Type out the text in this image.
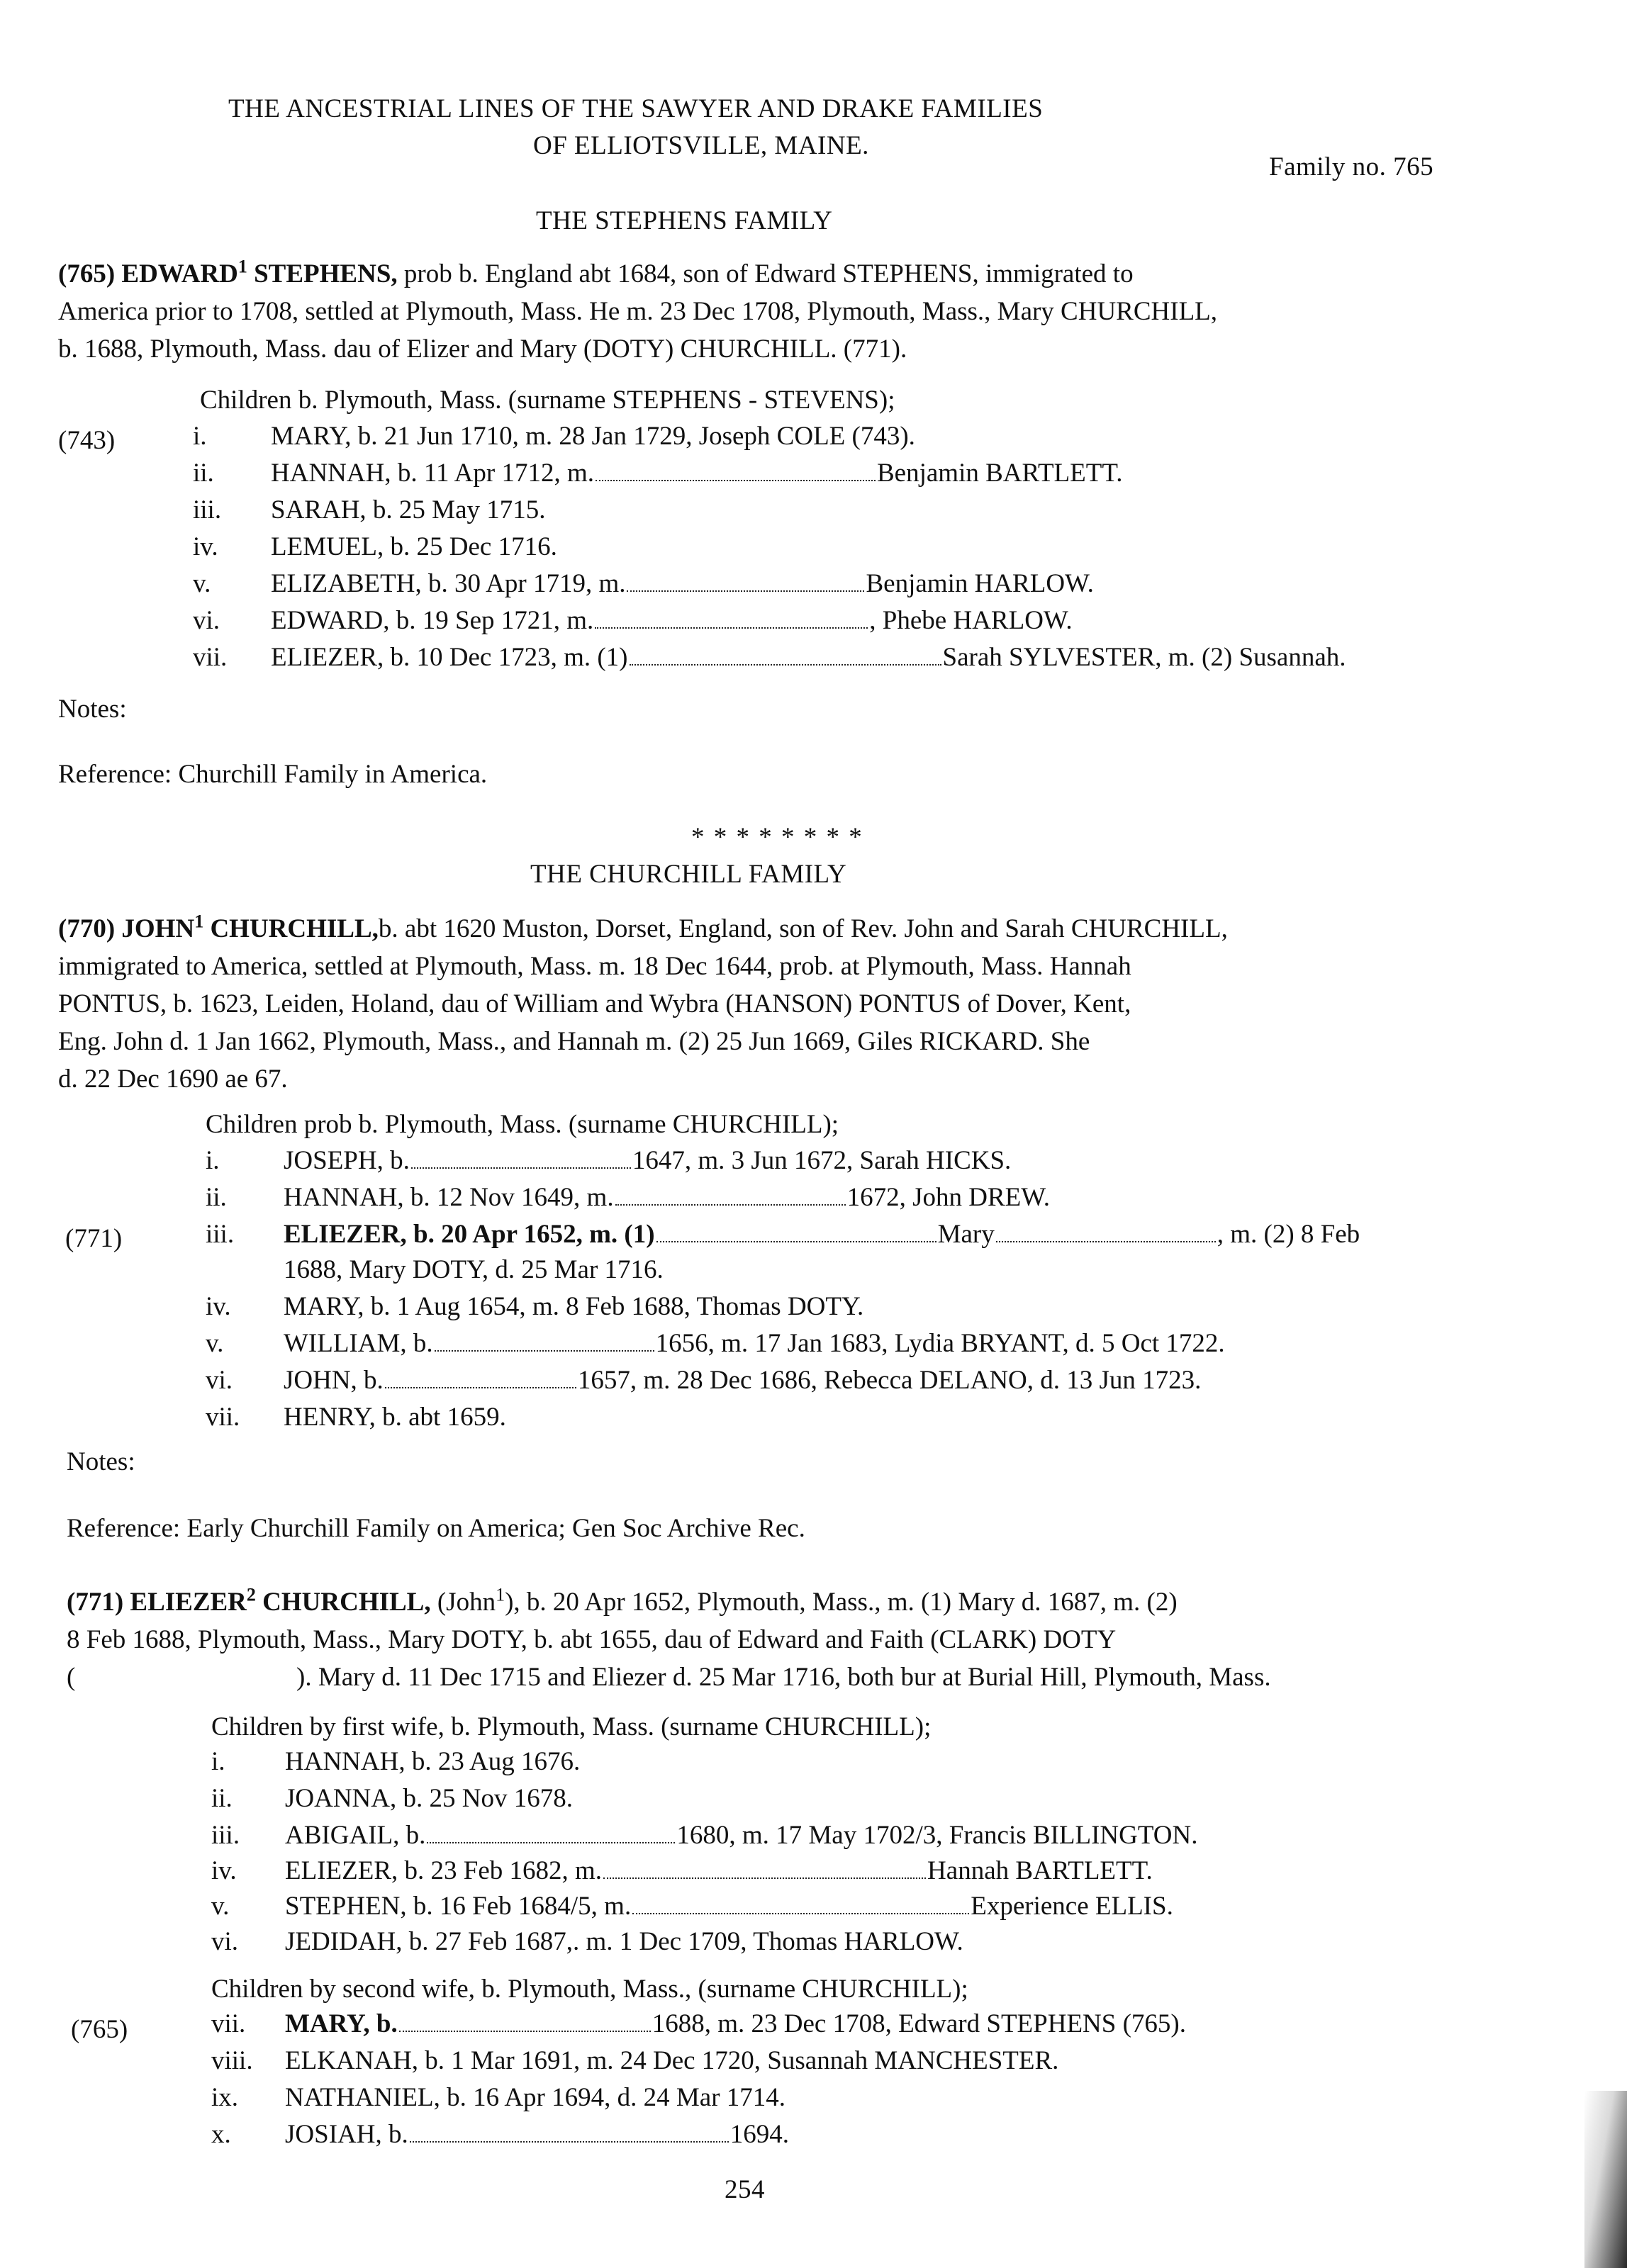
THE ANCESTRIAL LINES OF THE SAWYER AND DRAKE FAMILIES
OF ELLIOTSVILLE, MAINE.
Family no. 765
THE STEPHENS FAMILY
(765) EDWARD$^1$ STEPHENS, prob b. England abt 1684, son of Edward STEPHENS, immigrated to
America prior to 1708, settled at Plymouth, Mass. He m. 23 Dec 1708, Plymouth, Mass., Mary CHURCHILL,
b. 1688, Plymouth, Mass. dau of Elizer and Mary (DOTY) CHURCHILL. (771).
Children b. Plymouth, Mass. (surname STEPHENS - STEVENS);
(743)	i. MARY, b. 21 Jun 1710, m. 28 Jan 1729, Joseph COLE (743).
ii. HANNAH, b. 11 Apr 1712, m.	Benjamin BARTLETT.
iii. SARAH, b. 25 May 1715.
iv. LEMUEL, b. 25 Dec 1716.
v. ELIZABETH, b. 30 Apr 1719, m.	Benjamin HARLOW.
vi. EDWARD, b. 19 Sep 1721, m.	, Phebe HARLOW.
vii. ELIEZER, b. 10 Dec 1723, m. (1)	Sarah SYLVESTER, m. (2) Susannah.
Notes:
Reference: Churchill Family in America.
* * * * * * * *
THE CHURCHILL FAMILY
(770) JOHN$^1$ CHURCHILL,b. abt 1620 Muston, Dorset, England, son of Rev. John and Sarah CHURCHILL,
immigrated to America, settled at Plymouth, Mass. m. 18 Dec 1644, prob. at Plymouth, Mass. Hannah
PONTUS, b. 1623, Leiden, Holand, dau of William and Wybra (HANSON) PONTUS of Dover, Kent,
Eng. John d. 1 Jan 1662, Plymouth, Mass., and Hannah m. (2) 25 Jun 1669, Giles RICKARD. She
d. 22 Dec 1690 ae 67.
Children prob b. Plymouth, Mass. (surname CHURCHILL);
i. JOSEPH, b.	1647, m. 3 Jun 1672, Sarah HICKS.
ii. HANNAH, b. 12 Nov 1649, m.	1672, John DREW.
(771)	iii. ELIEZER, b. 20 Apr 1652, m. (1)	Mary	, m. (2) 8 Feb
1688, Mary DOTY, d. 25 Mar 1716.
iv. MARY, b. 1 Aug 1654, m. 8 Feb 1688, Thomas DOTY.
v. WILLIAM, b.	1656, m. 17 Jan 1683, Lydia BRYANT, d. 5 Oct 1722.
vi. JOHN, b.	1657, m. 28 Dec 1686, Rebecca DELANO, d. 13 Jun 1723.
vii. HENRY, b. abt 1659.
Notes:
Reference: Early Churchill Family on America; Gen Soc Archive Rec.
(771) ELIEZER$^2$ CHURCHILL, (John$^1$), b. 20 Apr 1652, Plymouth, Mass., m. (1) Mary d. 1687, m. (2)
8 Feb 1688, Plymouth, Mass., Mary DOTY, b. abt 1655, dau of Edward and Faith (CLARK) DOTY
(	). Mary d. 11 Dec 1715 and Eliezer d. 25 Mar 1716, both bur at Burial Hill, Plymouth, Mass.
Children by first wife, b. Plymouth, Mass. (surname CHURCHILL);
i. HANNAH, b. 23 Aug 1676.
ii. JOANNA, b. 25 Nov 1678.
iii. ABIGAIL, b.	1680, m. 17 May 1702/3, Francis BILLINGTON.
iv. ELIEZER, b. 23 Feb 1682, m.	Hannah BARTLETT.
v. STEPHEN, b. 16 Feb 1684/5, m.	Experience ELLIS.
vi. JEDIDAH, b. 27 Feb 1687,. m. 1 Dec 1709, Thomas HARLOW.
Children by second wife, b. Plymouth, Mass., (surname CHURCHILL);
(765)	vii. MARY, b.	1688, m. 23 Dec 1708, Edward STEPHENS (765).
viii. ELKANAH, b. 1 Mar 1691, m. 24 Dec 1720, Susannah MANCHESTER.
ix. NATHANIEL, b. 16 Apr 1694, d. 24 Mar 1714.
x. JOSIAH, b.	1694.
254
